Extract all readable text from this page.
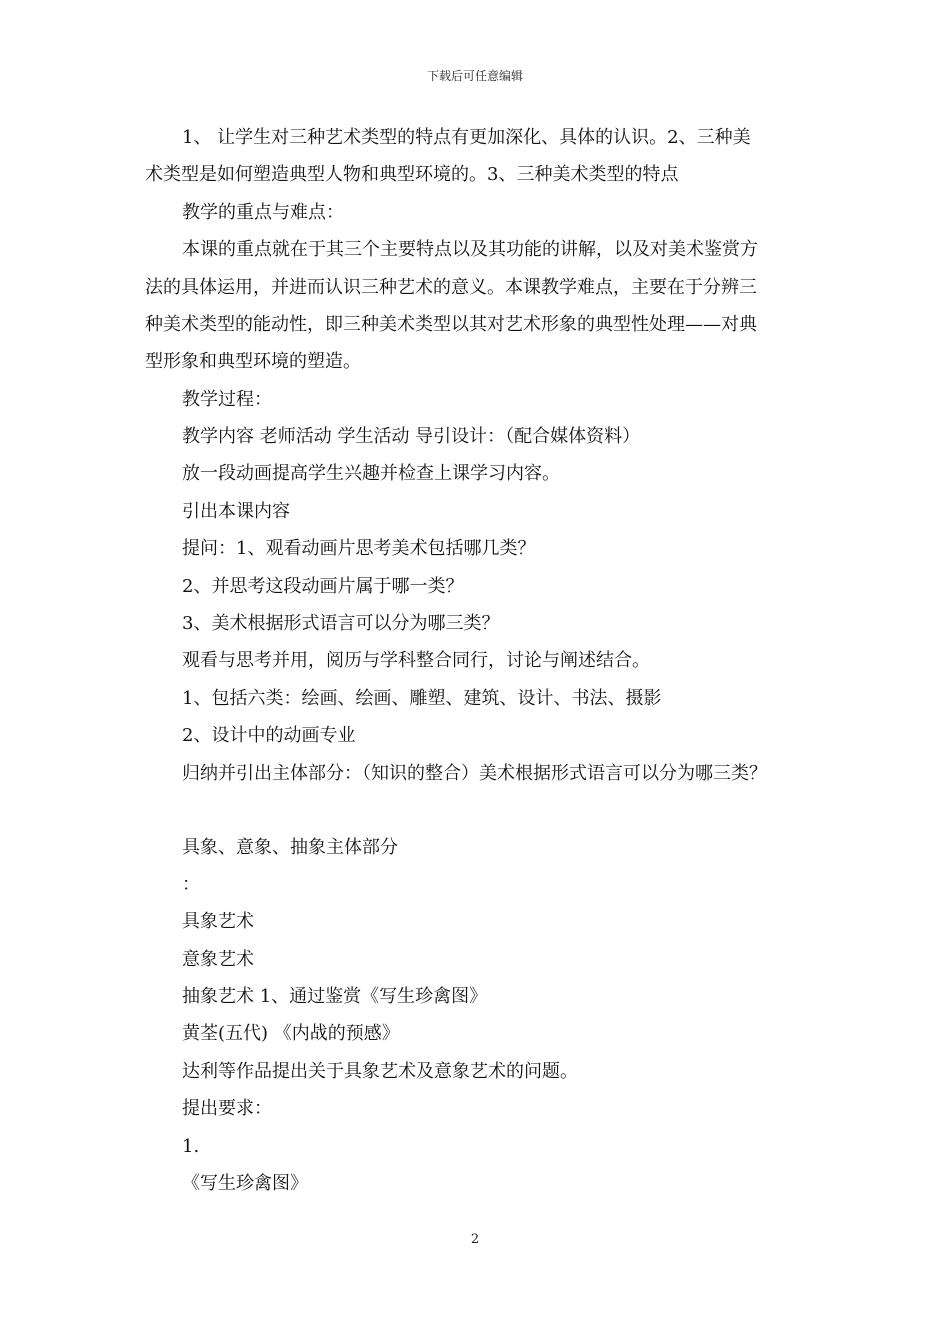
下载后可任意编辑
1、 让学生对三种艺术类型的特点有更加深化、具体的认识。2、三种美
术类型是如何塑造典型人物和典型环境的。3、三种美术类型的特点
教学的重点与难点：
本课的重点就在于其三个主要特点以及其功能的讲解，以及对美术鉴赏方
法的具体运用，并进而认识三种艺术的意义。本课教学难点，主要在于分辨三
种美术类型的能动性，即三种美术类型以其对艺术形象的典型性处理——对典
型形象和典型环境的塑造。
教学过程：
教学内容 老师活动 学生活动 导引设计：（配合媒体资料）
放一段动画提高学生兴趣并检查上课学习内容。
引出本课内容
提问：1、观看动画片思考美术包括哪几类？
2、并思考这段动画片属于哪一类？
3、美术根据形式语言可以分为哪三类？
观看与思考并用，阅历与学科整合同行，讨论与阐述结合。
1、包括六类：绘画、绘画、雕塑、建筑、设计、书法、摄影
2、设计中的动画专业
归纳并引出主体部分：（知识的整合）美术根据形式语言可以分为哪三类？
具象、意象、抽象主体部分
：
具象艺术
意象艺术
抽象艺术 1、通过鉴赏《写生珍禽图》
黄荃(五代) 《内战的预感》
达利等作品提出关于具象艺术及意象艺术的问题。
提出要求：
1.
《写生珍禽图》
2
